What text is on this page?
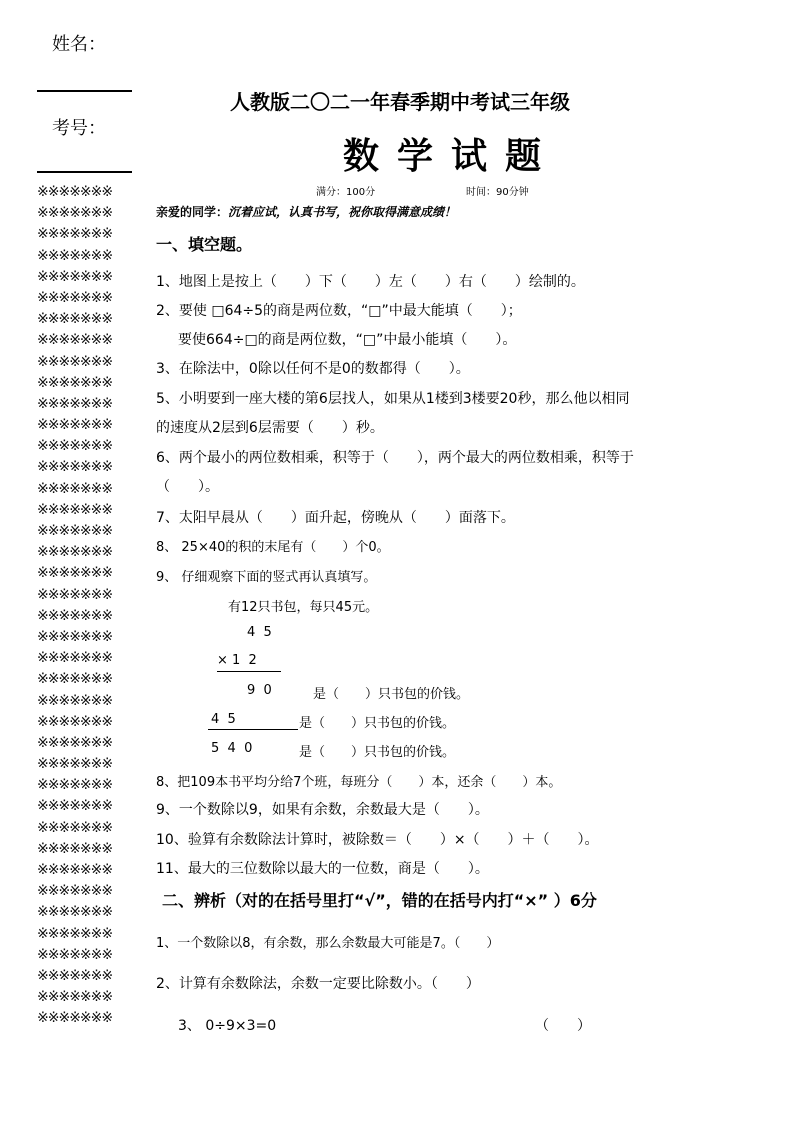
姓名：
考号：
※※※※※※※
※※※※※※※
※※※※※※※
※※※※※※※
※※※※※※※
※※※※※※※
※※※※※※※
※※※※※※※
※※※※※※※
※※※※※※※
※※※※※※※
※※※※※※※
※※※※※※※
※※※※※※※
※※※※※※※
※※※※※※※
※※※※※※※
※※※※※※※
※※※※※※※
※※※※※※※
※※※※※※※
※※※※※※※
※※※※※※※
※※※※※※※
※※※※※※※
※※※※※※※
※※※※※※※
※※※※※※※
※※※※※※※
※※※※※※※
※※※※※※※
※※※※※※※
※※※※※※※
※※※※※※※
※※※※※※※
※※※※※※※
※※※※※※※
※※※※※※※
※※※※※※※
※※※※※※※
人教版二〇二一年春季期中考试三年级
数学试题
满分：100分	时间：90分钟
亲爱的同学：沉着应试，认真书写，祝你取得满意成绩！
一、填空题。
1、地图上是按上（　　）下（　　）左（　　）右（　　）绘制的。
2、要使 □64÷5的商是两位数，“□”中最大能填（　　）；
要使664÷□的商是两位数，“□”中最小能填（　　）。
3、在除法中，0除以任何不是0的数都得（　　）。
5、小明要到一座大楼的第6层找人，如果从1楼到3楼要20秒，那么他以相同
的速度从2层到6层需要（　　）秒。
6、两个最小的两位数相乘，积等于（　　），两个最大的两位数相乘，积等于
（　　）。
7、太阳早晨从（　　）面升起，傍晚从（　　）面落下。
8、 25×40的积的末尾有（　　）个0。
9、 仔细观察下面的竖式再认真填写。
有12只书包，每只45元。
4  5
× 1  2
9  0	是（　　）只书包的价钱。
4  5	是（　　）只书包的价钱。
5  4  0	是（　　）只书包的价钱。
8、把109本书平均分给7个班，每班分（　　）本，还余（　　）本。
9、一个数除以9，如果有余数，余数最大是（　　）。
10、验算有余数除法计算时，被除数＝（　　）×（　　）＋（　　）。
11、最大的三位数除以最大的一位数，商是（　　）。
二、辨析（对的在括号里打“√”，错的在括号内打“×” ）6分
1、一个数除以8，有余数，那么余数最大可能是7。（　　）
2、计算有余数除法，余数一定要比除数小。（　　）
3、 0÷9×3=0	（　　）
